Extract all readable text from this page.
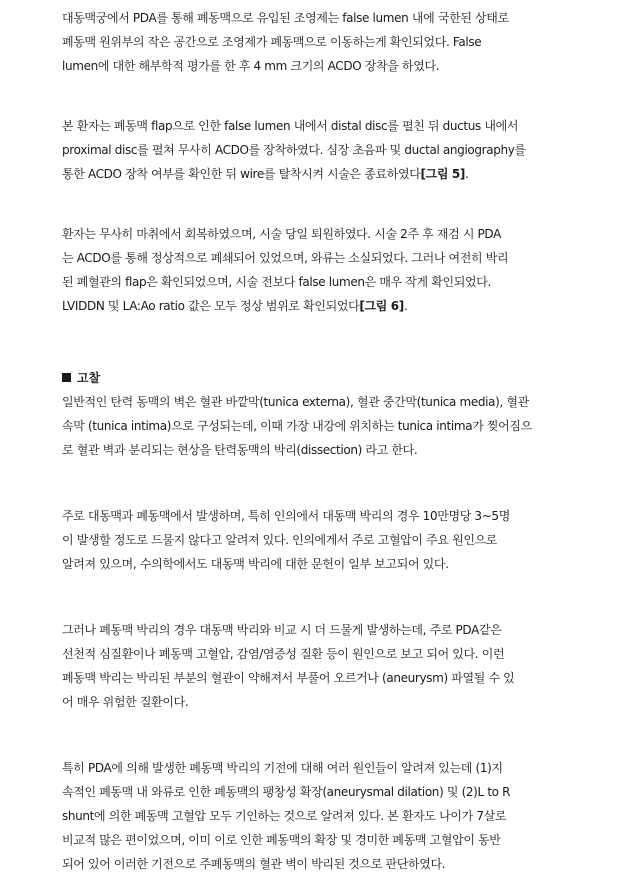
대동맥궁에서 PDA를 통해 폐동맥으로 유입된 조영제는 false lumen 내에 국한된 상태로
폐동맥 원위부의 작은 공간으로 조영제가 폐동맥으로 이동하는게 확인되었다. False
lumen에 대한 해부학적 평가를 한 후 4 mm 크기의 ACDO 장착을 하였다.

본 환자는 폐동맥 flap으로 인한 false lumen 내에서 distal disc를 펼친 뒤 ductus 내에서
proximal disc를 펼쳐 무사히 ACDO를 장착하였다. 심장 초음파 및 ductal angiography를
통한 ACDO 장착 여부를 확인한 뒤 wire를 탈착시켜 시술은 종료하였다[그림 5].

환자는 무사히 마취에서 회복하였으며, 시술 당일 퇴원하였다. 시술 2주 후 재검 시 PDA
는 ACDO를 통해 정상적으로 폐쇄되어 있었으며, 와류는 소실되었다. 그러나 여전히 박리
된 폐혈관의 flap은 확인되었으며, 시술 전보다 false lumen은 매우 작게 확인되었다.
LVIDDN 및 LA:Ao ratio 값은 모두 정상 범위로 확인되었다[그림 6].

고찰

일반적인 탄력 동맥의 벽은 혈관 바깥막(tunica externa), 혈관 중간막(tunica media), 혈관
속막 (tunica intima)으로 구성되는데, 이때 가장 내강에 위치하는 tunica intima가 찢어짐으
로 혈관 벽과 분리되는 현상을 탄력동맥의 박리(dissection) 라고 한다.

주로 대동맥과 폐동맥에서 발생하며, 특히 인의에서 대동맥 박리의 경우 10만명당 3~5명
이 발생할 정도로 드물지 않다고 알려져 있다. 인의에게서 주로 고혈압이 주요 원인으로
알려져 있으며, 수의학에서도 대동맥 박리에 대한 문헌이 일부 보고되어 있다.

그러나 폐동맥 박리의 경우 대동맥 박리와 비교 시 더 드물게 발생하는데, 주로 PDA같은
선천적 심질환이나 폐동맥 고혈압, 감염/염증성 질환 등이 원인으로 보고 되어 있다. 이런
폐동맥 박리는 박리된 부분의 혈관이 약해져서 부풀어 오르거나 (aneurysm) 파열될 수 있
어 매우 위험한 질환이다.

특히 PDA에 의해 발생한 폐동맥 박리의 기전에 대해 여러 원인들이 알려져 있는데 (1)지
속적인 폐동맥 내 와류로 인한 폐동맥의 팽창성 확장(aneurysmal dilation) 및 (2)L to R
shunt에 의한 폐동맥 고혈압 모두 기인하는 것으로 알려져 있다. 본 환자도 나이가 7살로
비교적 많은 편이었으며, 이미 이로 인한 폐동맥의 확장 및 경미한 폐동맥 고혈압이 동반
되어 있어 이러한 기전으로 주폐동맥의 혈관 벽이 박리된 것으로 판단하였다.
